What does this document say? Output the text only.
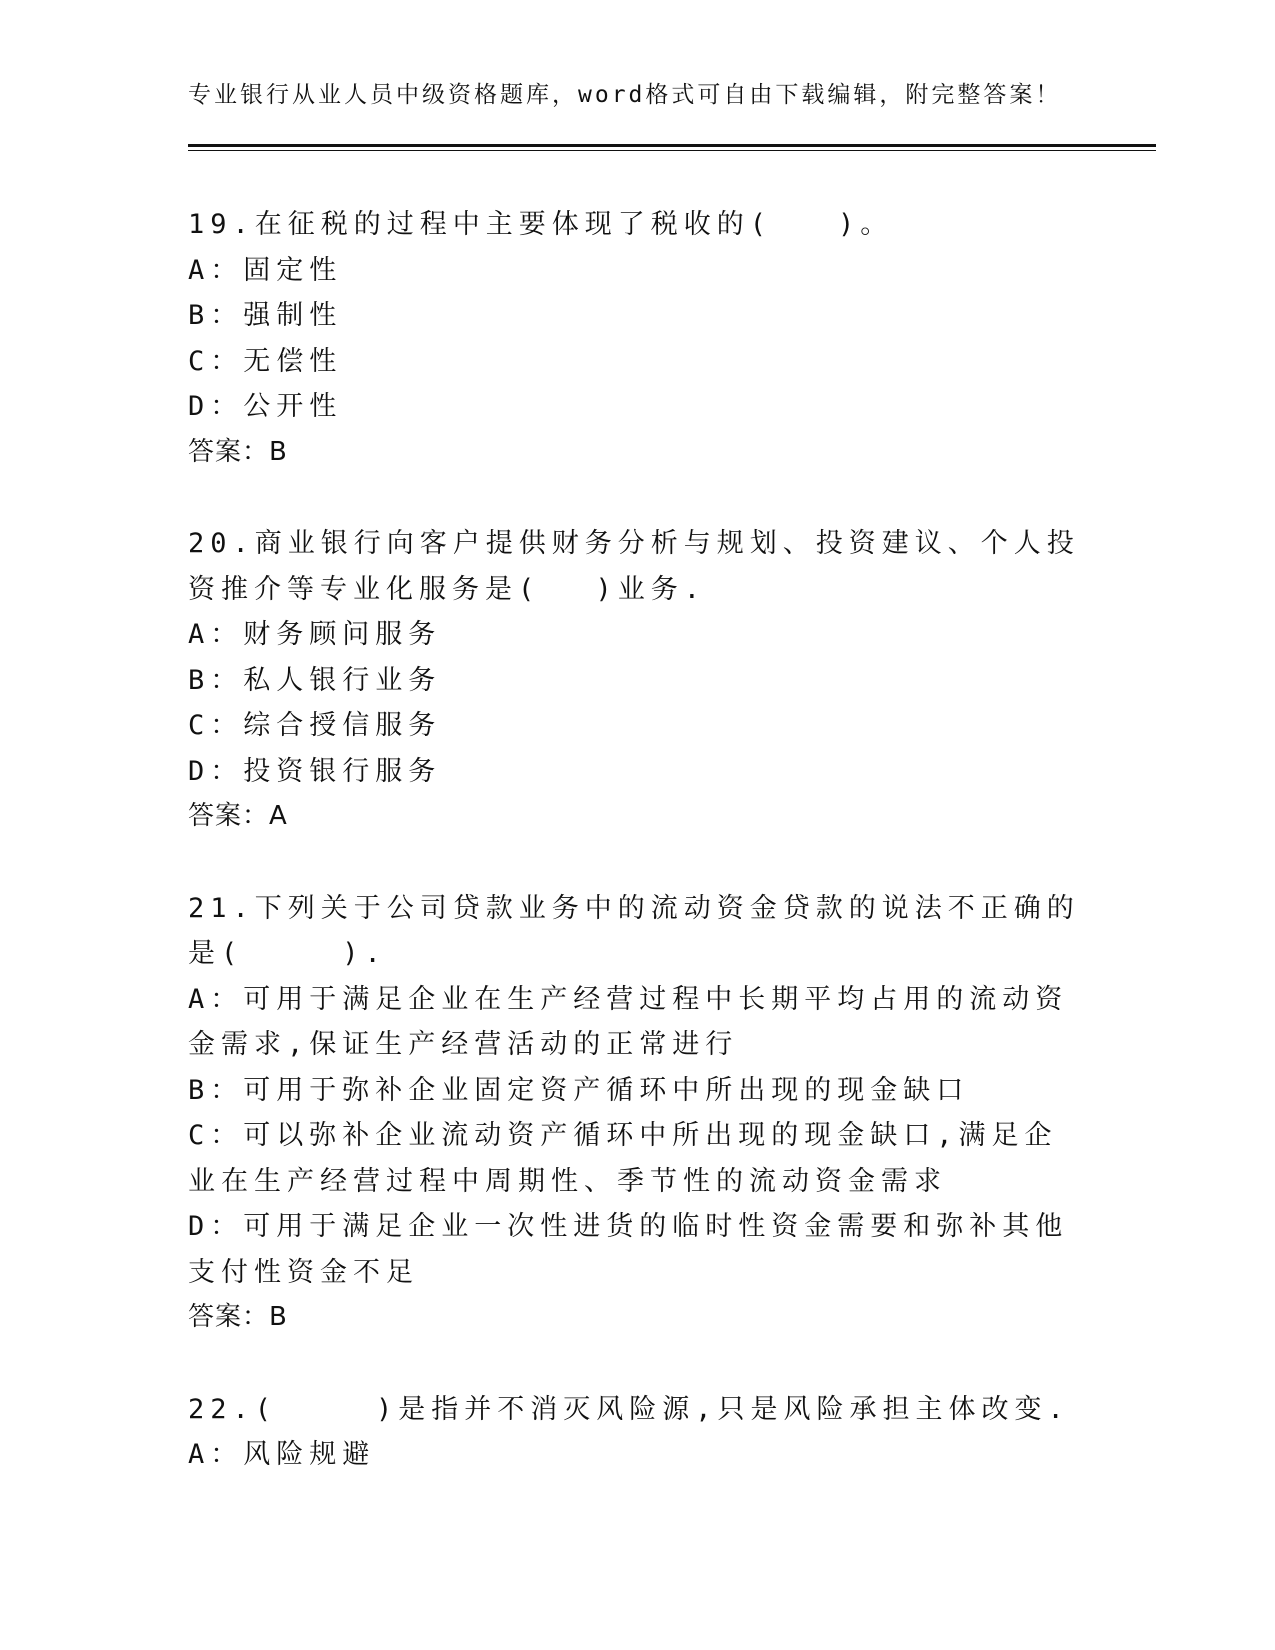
专业银行从业人员中级资格题库，word格式可自由下载编辑，附完整答案！
19.在征税的过程中主要体现了税收的(　　)。
A：固定性
B：强制性
C：无偿性
D：公开性
答案：B
20.商业银行向客户提供财务分析与规划、投资建议、个人投资推介等专业化服务是(　 )业务.
A：财务顾问服务
B：私人银行业务
C：综合授信服务
D：投资银行服务
答案：A
21.下列关于公司贷款业务中的流动资金贷款的说法不正确的是(　　　).
A：可用于满足企业在生产经营过程中长期平均占用的流动资金需求,保证生产经营活动的正常进行
B：可用于弥补企业固定资产循环中所出现的现金缺口
C：可以弥补企业流动资产循环中所出现的现金缺口,满足企业在生产经营过程中周期性、季节性的流动资金需求
D：可用于满足企业一次性进货的临时性资金需要和弥补其他支付性资金不足
答案：B
22.(　　　)是指并不消灭风险源,只是风险承担主体改变.
A：风险规避
